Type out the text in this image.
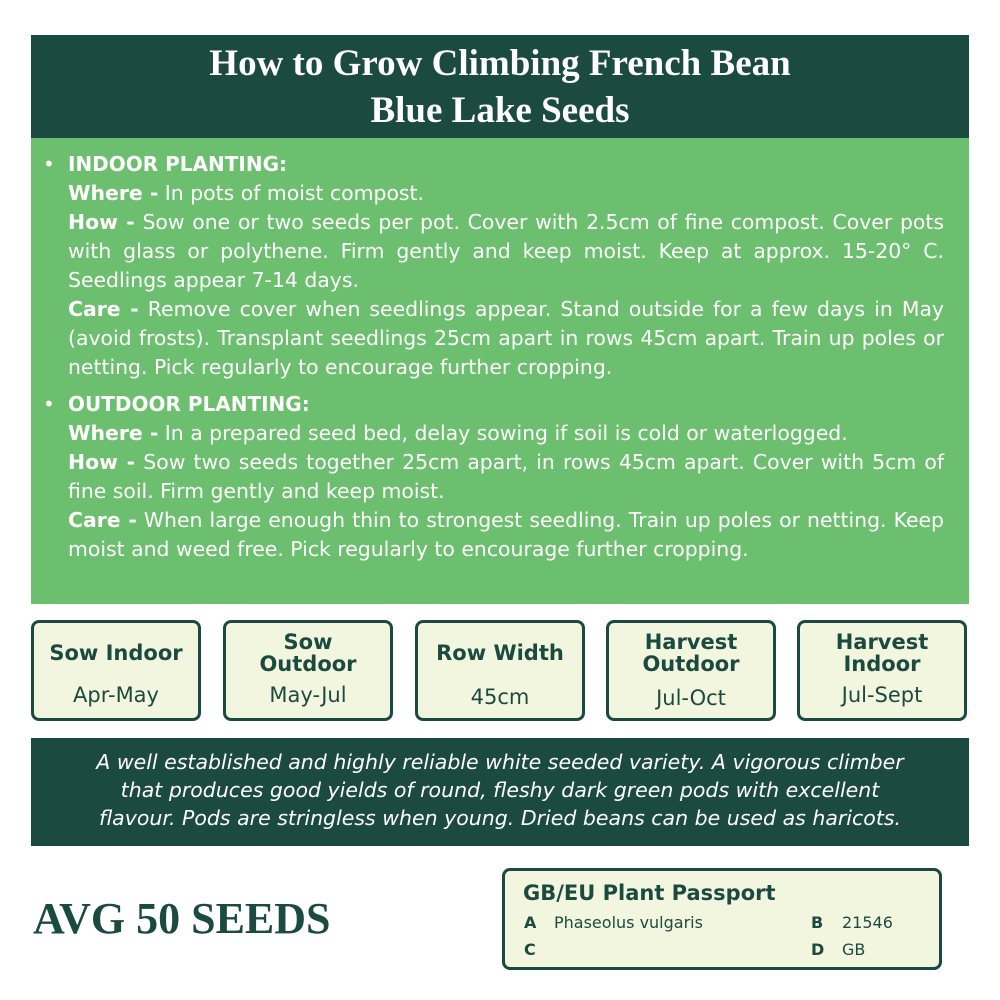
How to Grow Climbing French Bean
Blue Lake Seeds
• INDOOR PLANTING:

Where - In pots of moist compost.

How - Sow one or two seeds per pot. Cover with 2.5cm of fine compost. Cover pots with glass or polythene. Firm gently and keep moist. Keep at approx. 15-20° C. Seedlings appear 7-14 days.

Care - Remove cover when seedlings appear. Stand outside for a few days in May (avoid frosts). Transplant seedlings 25cm apart in rows 45cm apart. Train up poles or netting. Pick regularly to encourage further cropping.

• OUTDOOR PLANTING:

Where - In a prepared seed bed, delay sowing if soil is cold or waterlogged.

How - Sow two seeds together 25cm apart, in rows 45cm apart. Cover with 5cm of fine soil. Firm gently and keep moist.

Care - When large enough thin to strongest seedling. Train up poles or netting. Keep moist and weed free. Pick regularly to encourage further cropping.

Sow Indoor
Apr-May
Sow
Outdoor
May-Jul
Row Width
45cm
Harvest
Outdoor
Jul-Oct
Harvest
Indoor
Jul-Sept
A well established and highly reliable white seeded variety. A vigorous climber
that produces good yields of round, fleshy dark green pods with excellent
flavour. Pods are stringless when young. Dried beans can be used as haricots.
AVG 50 SEEDS
GB/EU Plant Passport
A Phaseolus vulgaris	B 21546
C	D GB
